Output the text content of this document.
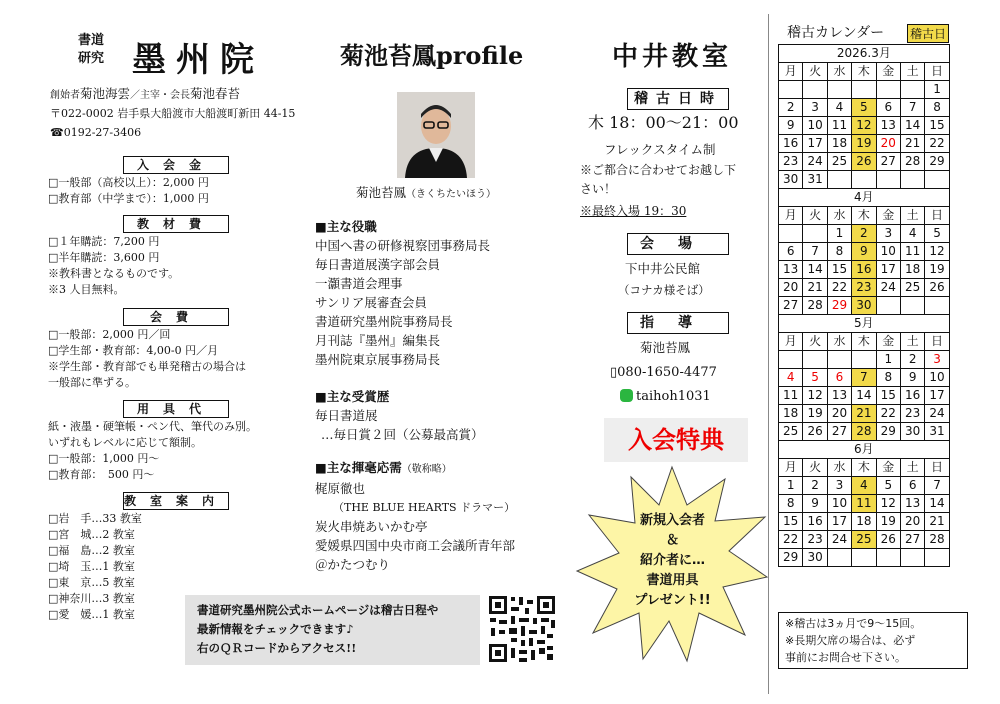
書道
研究 墨州院
創始者菊池海雲／主宰・会長菊池春苔
〒022-0002 岩手県大船渡市大船渡町新田 44-15
☎0192-27-3406
入会金
□一般部（高校以上）：2,000 円
□教育部（中学まで）：1,000 円
教材費
□１年購読：7,200 円
□半年購読：3,600 円
※教科書となるものです。
※3 人目無料。
会費
□一般部：2,000 円／回
□学生部・教育部：4,00-0 円／月
※学生部・教育部でも単発稽古の場合は
一般部に準ずる。
用具代
紙・液墨・硬筆帳・ペン代、筆代のみ別。
いずれもレベルに応じて額制。
□一般部：1,000 円～
□教育部：　500 円～
教室案内
□岩　手…33 教室
□宮　城…2 教室
□福　島…2 教室
□埼　玉…1 教室
□東　京…5 教室
□神奈川…3 教室
□愛　媛…1 教室
菊池苔鳳profile
菊池苔鳳（きくちたいほう）
■主な役職
中国へ書の研修視察団事務局長
毎日書道展漢字部会員
一灝書道会理事
サンリア展審査会員
書道研究墨州院事務局長
月刊誌『墨州』編集長
墨州院東京展事務局長
■主な受賞歴
毎日書道展
…毎日賞２回（公募最高賞）
■主な揮毫応需（敬称略）
梶原徹也
（THE BLUE HEARTS ドラマー）
炭火串焼あいかむ亭
愛媛県四国中央市商工会議所青年部
＠かたつむり
書道研究墨州院公式ホームページは稽古日程や
最新情報をチェックできます♪
右のＱＲコードからアクセス!!
中井教室
稽古日時
木 18：00～21：00
フレックスタイム制
※ご都合に合わせてお越し下
さい！
※最終入場 19：30
会場
下中井公民館
（コナカ様そば）
指導
菊池苔鳳
▯080-1650-4477
taihoh1031
入会特典
新規入会者
＆
紹介者に…
書道用具
プレゼント!!
稽古カレンダー 稽古日
2026.3月						
月	火	水	木	金	土	日
						1
2	3	4	5	6	7	8
9	10	11	12	13	14	15
16	17	18	19	20	21	22
23	24	25	26	27	28	29
30	31					
4月						
月	火	水	木	金	土	日
		1	2	3	4	5
6	7	8	9	10	11	12
13	14	15	16	17	18	19
20	21	22	23	24	25	26
27	28	29	30			
5月						
月	火	水	木	金	土	日
				1	2	3
4	5	6	7	8	9	10
11	12	13	14	15	16	17
18	19	20	21	22	23	24
25	26	27	28	29	30	31
6月						
月	火	水	木	金	土	日
1	2	3	4	5	6	7
8	9	10	11	12	13	14
15	16	17	18	19	20	21
22	23	24	25	26	27	28
29	30					
※稽古は3ヵ月で9～15回。
※長期欠席の場合は、必ず
事前にお問合せ下さい。
